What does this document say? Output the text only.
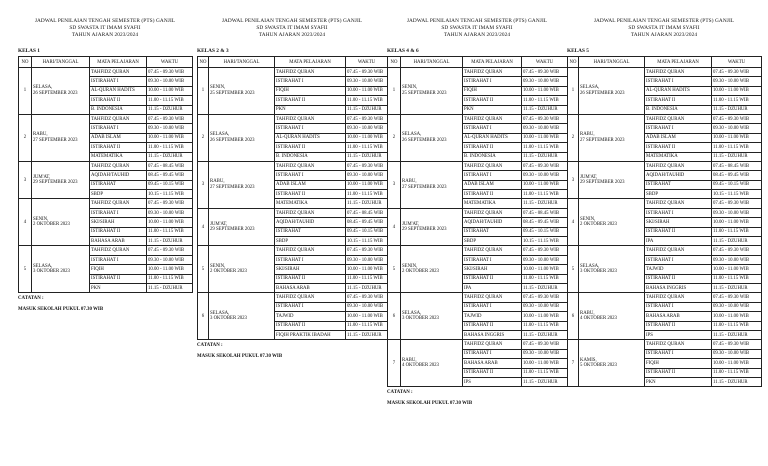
JADWAL PENILAIAN TENGAH SEMESTER (PTS) GANJIL
SD SWASTA IT IMAM SYAFII
TAHUN AJARAN 2023/2024
KELAS 1
NO	HARI/TANGGAL	MATA PELAJARAN	WAKTU
1	SELASA,
26 SEPTEMBER 2023	TAHFIDZ QURAN	07.45 - 09.30 WIB
		ISTIRAHAT I	09.30 - 10.00 WIB
		AL-QURAN HADITS	10.00 - 11.00 WIB
		ISTIRAHAT II	11.00 - 11.15 WIB
		B. INDONESIA	11.15 - DZUHUR
2	RABU,
27 SEPTEMBER 2023	TAHFIDZ QURAN	07.45 - 09.30 WIB
		ISTIRAHAT I	09.30 - 10.00 WIB
		ADAB ISLAM	10.00 - 11.00 WIB
		ISTIRAHAT II	11.00 - 11.15 WIB
		MATEMATIKA	11.15 - DZUHUR
3	JUM'AT,
29 SEPTEMBER 2023	TAHFIDZ QURAN	07.45 - 08.45 WIB
		AQIDAH/TAUHID	08.45 - 09.45 WIB
		ISTIRAHAT	09.45 - 10.15 WIB
		SBDP	10.15 - 11.15 WIB
4	SENIN,
2 OKTOBER 2023	TAHFIDZ QURAN	07.45 - 09.30 WIB
		ISTIRAHAT I	09.30 - 10.00 WIB
		SKI/SIRAH	10.00 - 11.00 WIB
		ISTIRAHAT II	11.00 - 11.15 WIB
		BAHASA ARAB	11.15 - DZUHUR
5	SELASA,
3 OKTOBER 2023	TAHFIDZ QURAN	07.45 - 09.30 WIB
		ISTIRAHAT I	09.30 - 10.00 WIB
		FIQIH	10.00 - 11.00 WIB
		ISTIRAHAT II	11.00 - 11.15 WIB
		PKN	11.15 - DZUHUR
CATATAN :
MASUK SEKOLAH PUKUL 07.30 WIB
JADWAL PENILAIAN TENGAH SEMESTER (PTS) GANJIL
SD SWASTA IT IMAM SYAFII
TAHUN AJARAN 2023/2024
KELAS 2 & 3
NO	HARI/TANGGAL	MATA PELAJARAN	WAKTU
1	SENIN,
25 SEPTEMBER 2023	TAHFIDZ QURAN	07.45 - 09.30 WIB
		ISTIRAHAT I	09.30 - 10.00 WIB
		FIQIH	10.00 - 11.00 WIB
		ISTIRAHAT II	11.00 - 11.15 WIB
		PKN	11.15 - DZUHUR
2	SELASA,
26 SEPTEMBER 2023	TAHFIDZ QURAN	07.45 - 09.30 WIB
		ISTIRAHAT I	09.30 - 10.00 WIB
		AL-QURAN HADITS	10.00 - 11.00 WIB
		ISTIRAHAT II	11.00 - 11.15 WIB
		B. INDONESIA	11.15 - DZUHUR
3	RABU,
27 SEPTEMBER 2023	TAHFIDZ QURAN	07.45 - 09.30 WIB
		ISTIRAHAT I	09.30 - 10.00 WIB
		ADAB ISLAM	10.00 - 11.00 WIB
		ISTIRAHAT II	11.00 - 11.15 WIB
		MATEMATIKA	11.15 - DZUHUR
4	JUM'AT,
29 SEPTEMBER 2023	TAHFIDZ QURAN	07.45 - 08.45 WIB
		AQIDAH/TAUHID	08.45 - 09.45 WIB
		ISTIRAHAT	09.45 - 10.15 WIB
		SBDP	10.15 - 11.15 WIB
5	SENIN,
2 OKTOBER 2023	TAHFIDZ QURAN	07.45 - 09.30 WIB
		ISTIRAHAT I	09.30 - 10.00 WIB
		SKI/SIRAH	10.00 - 11.00 WIB
		ISTIRAHAT II	11.00 - 11.15 WIB
		BAHASA ARAB	11.15 - DZUHUR
6	SELASA,
3 OKTOBER 2023	TAHFIDZ QURAN	07.45 - 09.30 WIB
		ISTIRAHAT I	09.30 - 10.00 WIB
		TAJWID	10.00 - 11.00 WIB
		ISTIRAHAT II	11.00 - 11.15 WIB
		FIQIH PRAKTIK IBADAH	11.15 - DZUHUR
CATATAN :
MASUK SEKOLAH PUKUL 07.30 WIB
JADWAL PENILAIAN TENGAH SEMESTER (PTS) GANJIL
SD SWASTA IT IMAM SYAFII
TAHUN AJARAN 2023/2024
KELAS 4 & 6
NO	HARI/TANGGAL	MATA PELAJARAN	WAKTU
1	SENIN,
25 SEPTEMBER 2023	TAHFIDZ QURAN	07.45 - 09.30 WIB
		ISTIRAHAT I	09.30 - 10.00 WIB
		FIQIH	10.00 - 11.00 WIB
		ISTIRAHAT II	11.00 - 11.15 WIB
		PKN	11.15 - DZUHUR
2	SELASA,
26 SEPTEMBER 2023	TAHFIDZ QURAN	07.45 - 09.30 WIB
		ISTIRAHAT I	09.30 - 10.00 WIB
		AL-QURAN HADITS	10.00 - 11.00 WIB
		ISTIRAHAT II	11.00 - 11.15 WIB
		B. INDONESIA	11.15 - DZUHUR
3	RABU,
27 SEPTEMBER 2023	TAHFIDZ QURAN	07.45 - 09.30 WIB
		ISTIRAHAT I	09.30 - 10.00 WIB
		ADAB ISLAM	10.00 - 11.00 WIB
		ISTIRAHAT II	11.00 - 11.15 WIB
		MATEMATIKA	11.15 - DZUHUR
4	JUM'AT,
29 SEPTEMBER 2023	TAHFIDZ QURAN	07.45 - 08.45 WIB
		AQIDAH/TAUHID	08.45 - 09.45 WIB
		ISTIRAHAT	09.45 - 10.15 WIB
		SBDP	10.15 - 11.15 WIB
5	SENIN,
2 OKTOBER 2023	TAHFIDZ QURAN	07.45 - 09.30 WIB
		ISTIRAHAT I	09.30 - 10.00 WIB
		SKI/SIRAH	10.00 - 11.00 WIB
		ISTIRAHAT II	11.00 - 11.15 WIB
		IPA	11.15 - DZUHUR
6	SELASA,
3 OKTOBER 2023	TAHFIDZ QURAN	07.45 - 09.30 WIB
		ISTIRAHAT I	09.30 - 10.00 WIB
		TAJWID	10.00 - 11.00 WIB
		ISTIRAHAT II	11.00 - 11.15 WIB
		BAHASA INGGRIS	11.15 - DZUHUR
7	RABU,
4 OKTOBER 2023	TAHFIDZ QURAN	07.45 - 09.30 WIB
		ISTIRAHAT I	09.30 - 10.00 WIB
		BAHASA ARAB	10.00 - 11.00 WIB
		ISTIRAHAT II	11.00 - 11.15 WIB
		IPS	11.15 - DZUHUR
CATATAN :
MASUK SEKOLAH PUKUL 07.30 WIB
JADWAL PENILAIAN TENGAH SEMESTER (PTS) GANJIL
SD SWASTA IT IMAM SYAFII
TAHUN AJARAN 2023/2024
KELAS 5
NO	HARI/TANGGAL	MATA PELAJARAN	WAKTU
1	SELASA,
26 SEPTEMBER 2023	TAHFIDZ QURAN	07.45 - 09.30 WIB
		ISTIRAHAT I	09.30 - 10.00 WIB
		AL-QURAN HADITS	10.00 - 11.00 WIB
		ISTIRAHAT II	11.00 - 11.15 WIB
		B. INDONESIA	11.15 - DZUHUR
2	RABU,
27 SEPTEMBER 2023	TAHFIDZ QURAN	07.45 - 09.30 WIB
		ISTIRAHAT I	09.30 - 10.00 WIB
		ADAB ISLAM	10.00 - 11.00 WIB
		ISTIRAHAT II	11.00 - 11.15 WIB
		MATEMATIKA	11.15 - DZUHUR
3	JUM'AT,
29 SEPTEMBER 2023	TAHFIDZ QURAN	07.45 - 08.45 WIB
		AQIDAH/TAUHID	08.45 - 09.45 WIB
		ISTIRAHAT	09.45 - 10.15 WIB
		SBDP	10.15 - 11.15 WIB
4	SENIN,
2 OKTOBER 2023	TAHFIDZ QURAN	07.45 - 09.30 WIB
		ISTIRAHAT I	09.30 - 10.00 WIB
		SKI/SIRAH	10.00 - 11.00 WIB
		ISTIRAHAT II	11.00 - 11.15 WIB
		IPA	11.15 - DZUHUR
5	SELASA,
3 OKTOBER 2023	TAHFIDZ QURAN	07.45 - 09.30 WIB
		ISTIRAHAT I	09.30 - 10.00 WIB
		TAJWID	10.00 - 11.00 WIB
		ISTIRAHAT II	11.00 - 11.15 WIB
		BAHASA INGGRIS	11.15 - DZUHUR
6	RABU,
4 OKTOBER 2023	TAHFIDZ QURAN	07.45 - 09.30 WIB
		ISTIRAHAT I	09.30 - 10.00 WIB
		BAHASA ARAB	10.00 - 11.00 WIB
		ISTIRAHAT II	11.00 - 11.15 WIB
		IPS	11.15 - DZUHUR
7	KAMIS,
5 OKTOBER 2023	TAHFIDZ QURAN	07.45 - 09.30 WIB
		ISTIRAHAT I	09.30 - 10.00 WIB
		FIQIH	10.00 - 11.00 WIB
		ISTIRAHAT II	11.00 - 11.15 WIB
		PKN	11.15 - DZUHUR
